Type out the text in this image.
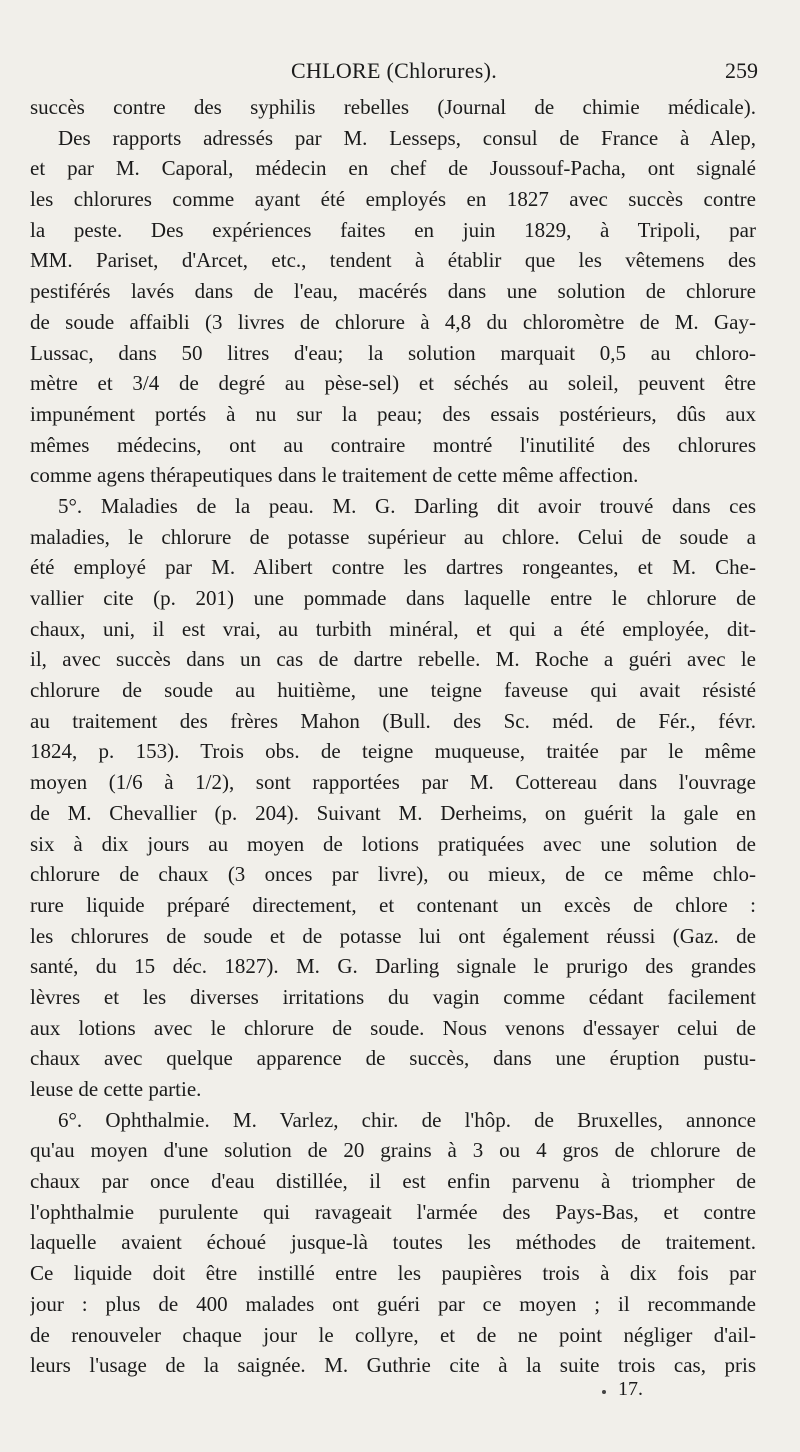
CHLORE (Chlorures).	259
succès contre des syphilis rebelles (Journal de chimie médicale).
Des rapports adressés par M. Lesseps, consul de France à Alep,
et par M. Caporal, médecin en chef de Joussouf-Pacha, ont signalé
les chlorures comme ayant été employés en 1827 avec succès contre
la peste. Des expériences faites en juin 1829, à Tripoli, par
MM. Pariset, d'Arcet, etc., tendent à établir que les vêtemens des
pestiférés lavés dans de l'eau, macérés dans une solution de chlorure
de soude affaibli (3 livres de chlorure à 4,8 du chloromètre de M. Gay-
Lussac, dans 50 litres d'eau; la solution marquait 0,5 au chloro-
mètre et 3/4 de degré au pèse-sel) et séchés au soleil, peuvent être
impunément portés à nu sur la peau; des essais postérieurs, dûs aux
mêmes médecins, ont au contraire montré l'inutilité des chlorures
comme agens thérapeutiques dans le traitement de cette même affection.
5°. Maladies de la peau. M. G. Darling dit avoir trouvé dans ces
maladies, le chlorure de potasse supérieur au chlore. Celui de soude a
été employé par M. Alibert contre les dartres rongeantes, et M. Che-
vallier cite (p. 201) une pommade dans laquelle entre le chlorure de
chaux, uni, il est vrai, au turbith minéral, et qui a été employée, dit-
il, avec succès dans un cas de dartre rebelle. M. Roche a guéri avec le
chlorure de soude au huitième, une teigne faveuse qui avait résisté
au traitement des frères Mahon (Bull. des Sc. méd. de Fér., févr.
1824, p. 153). Trois obs. de teigne muqueuse, traitée par le même
moyen (1/6 à 1/2), sont rapportées par M. Cottereau dans l'ouvrage
de M. Chevallier (p. 204). Suivant M. Derheims, on guérit la gale en
six à dix jours au moyen de lotions pratiquées avec une solution de
chlorure de chaux (3 onces par livre), ou mieux, de ce même chlo-
rure liquide préparé directement, et contenant un excès de chlore :
les chlorures de soude et de potasse lui ont également réussi (Gaz. de
santé, du 15 déc. 1827). M. G. Darling signale le prurigo des grandes
lèvres et les diverses irritations du vagin comme cédant facilement
aux lotions avec le chlorure de soude. Nous venons d'essayer celui de
chaux avec quelque apparence de succès, dans une éruption pustu-
leuse de cette partie.
6°. Ophthalmie. M. Varlez, chir. de l'hôp. de Bruxelles, annonce
qu'au moyen d'une solution de 20 grains à 3 ou 4 gros de chlorure de
chaux par once d'eau distillée, il est enfin parvenu à triompher de
l'ophthalmie purulente qui ravageait l'armée des Pays-Bas, et contre
laquelle avaient échoué jusque-là toutes les méthodes de traitement.
Ce liquide doit être instillé entre les paupières trois à dix fois par
jour : plus de 400 malades ont guéri par ce moyen ; il recommande
de renouveler chaque jour le collyre, et de ne point négliger d'ail-
leurs l'usage de la saignée. M. Guthrie cite à la suite trois cas, pris
17.
